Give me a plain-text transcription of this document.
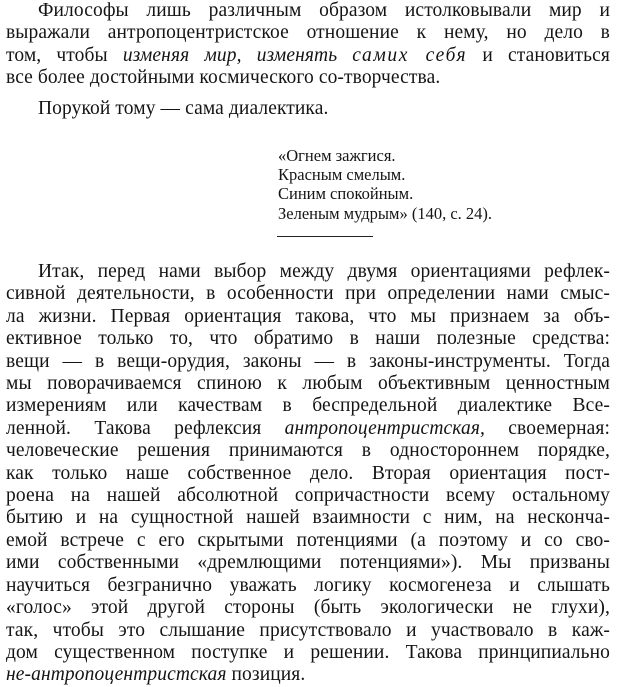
Философы лишь различным образом истолковывали мир и
выражали антропоцентристское отношение к нему, но дело в
том, чтобы изменяя мир, изменять самих себя и становиться
все более достойными космического со-творчества.

Порукой тому — сама диалектика.

«Огнем зажгися.
Красным смелым.
Синим спокойным.
Зеленым мудрым» (140, с. 24).

Итак, перед нами выбор между двумя ориентациями рефлек-
сивной деятельности, в особенности при определении нами смыс-
ла жизни. Первая ориентация такова, что мы признаем за объ-
ективное только то, что обратимо в наши полезные средства:
вещи — в вещи-орудия, законы — в законы-инструменты. Тогда
мы поворачиваемся спиною к любым объективным ценностным
измерениям или качествам в беспредельной диалектике Все-
ленной. Такова рефлексия антропоцентристская, своемерная:
человеческие решения принимаются в одностороннем порядке,
как только наше собственное дело. Вторая ориентация пост-
роена на нашей абсолютной сопричастности всему остальному
бытию и на сущностной нашей взаимности с ним, на несконча-
емой встрече с его скрытыми потенциями (а поэтому и со сво-
ими собственными «дремлющими потенциями»). Мы призваны
научиться безгранично уважать логику космогенеза и слышать
«голос» этой другой стороны (быть экологически не глухи),
так, чтобы это слышание присутствовало и участвовало в каж-
дом существенном поступке и решении. Такова принципиально
не-антропоцентристская позиция.
